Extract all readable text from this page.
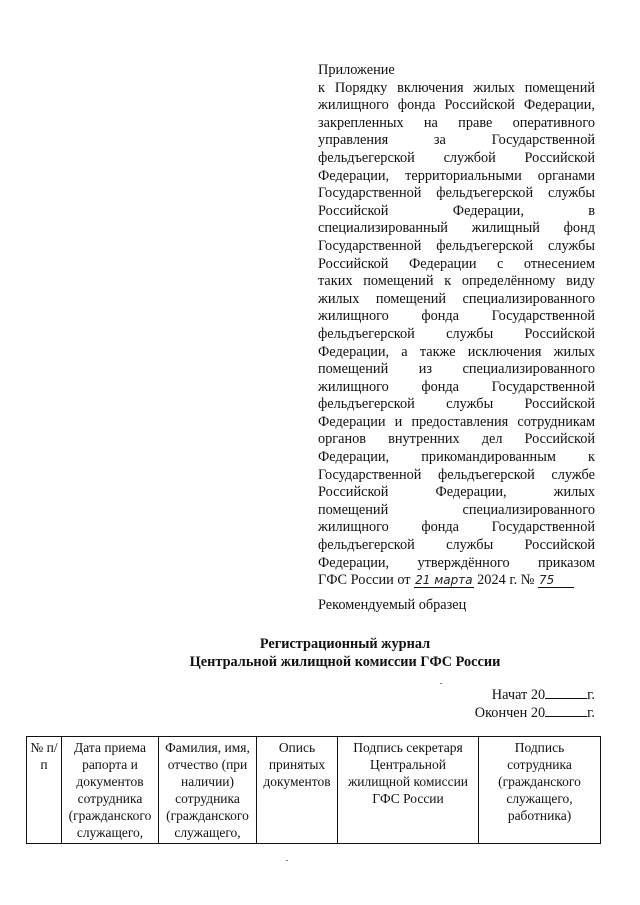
Приложение
к Порядку включения жилых помещений
жилищного фонда Российской Федерации,
закрепленных на праве оперативного
управления за Государственной
фельдъегерской службой Российской
Федерации, территориальными органами
Государственной фельдъегерской службы
Российской Федерации, в
специализированный жилищный фонд
Государственной фельдъегерской службы
Российской Федерации с отнесением
таких помещений к определённому виду
жилых помещений специализированного
жилищного фонда Государственной
фельдъегерской службы Российской
Федерации, а также исключения жилых
помещений из специализированного
жилищного фонда Государственной
фельдъегерской службы Российской
Федерации и предоставления сотрудникам
органов внутренних дел Российской
Федерации, прикомандированным к
Государственной фельдъегерской службе
Российской Федерации, жилых
помещений специализированного
жилищного фонда Государственной
фельдъегерской службы Российской
Федерации, утверждённого приказом
ГФС России от 21 марта 2024 г. № 75
Рекомендуемый образец
Регистрационный журнал
Центральной жилищной комиссии ГФС России
Начат 20	г.
Окончен 20	г.
№ п/п	Дата приема рапорта и документов сотрудника (гражданского служащего,	Фамилия, имя, отчество (при наличии) сотрудника (гражданского служащего,	Опись принятых документов	Подпись секретаря Центральной жилищной комиссии ГФС России	Подпись сотрудника (гражданского служащего, работника)
